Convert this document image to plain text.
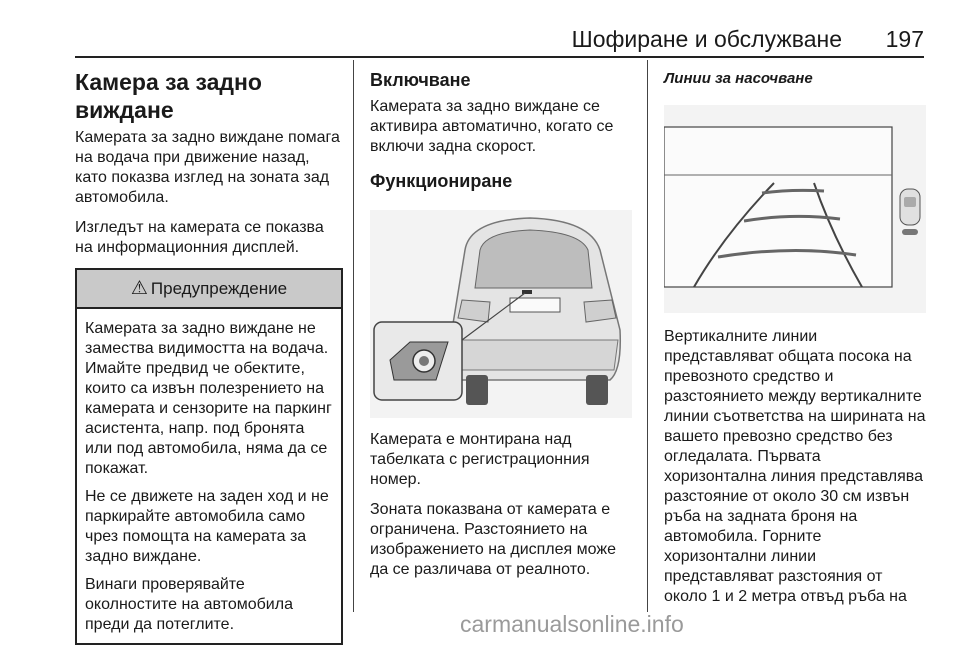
Шофиране и обслужване 197
Камера за задно виждане

Камерата за задно виждане помага на водача при движение назад, като показва изглед на зоната зад автомобила.

Изгледът на камерата се показва на информационния дисплей.

⚠ Предупреждение

Камерата за задно виждане не замества видимостта на водача. Имайте предвид че обектите, които са извън полезрението на камерата и сензорите на паркинг асистента, напр. под бронята или под автомобила, няма да се покажат.

Не се движете на заден ход и не паркирайте автомобила само чрез помощта на камерата за задно виждане.

Винаги проверявайте околностите на автомобила преди да потеглите.

Включване

Камерата за задно виждане се активира автоматично, когато се включи задна скорост.

Функциониране

Камерата е монтирана над табелката с регистрационния номер.

Зоната показвана от камерата е ограничена. Разстоянието на изображението на дисплея може да се различава от реалното.

Линии за насочване

Вертикалните линии представляват общата посока на превозното средство и разстоянието между вертикалните линии съответства на ширината на вашето превозно средство без огледалата. Първата хоризонтална линия представлява разстояние от около 30 см извън ръба на задната броня на автомобила. Горните хоризонтални линии представляват разстояния от около 1 и 2 метра отвъд ръба на

carmanualsonline.info
